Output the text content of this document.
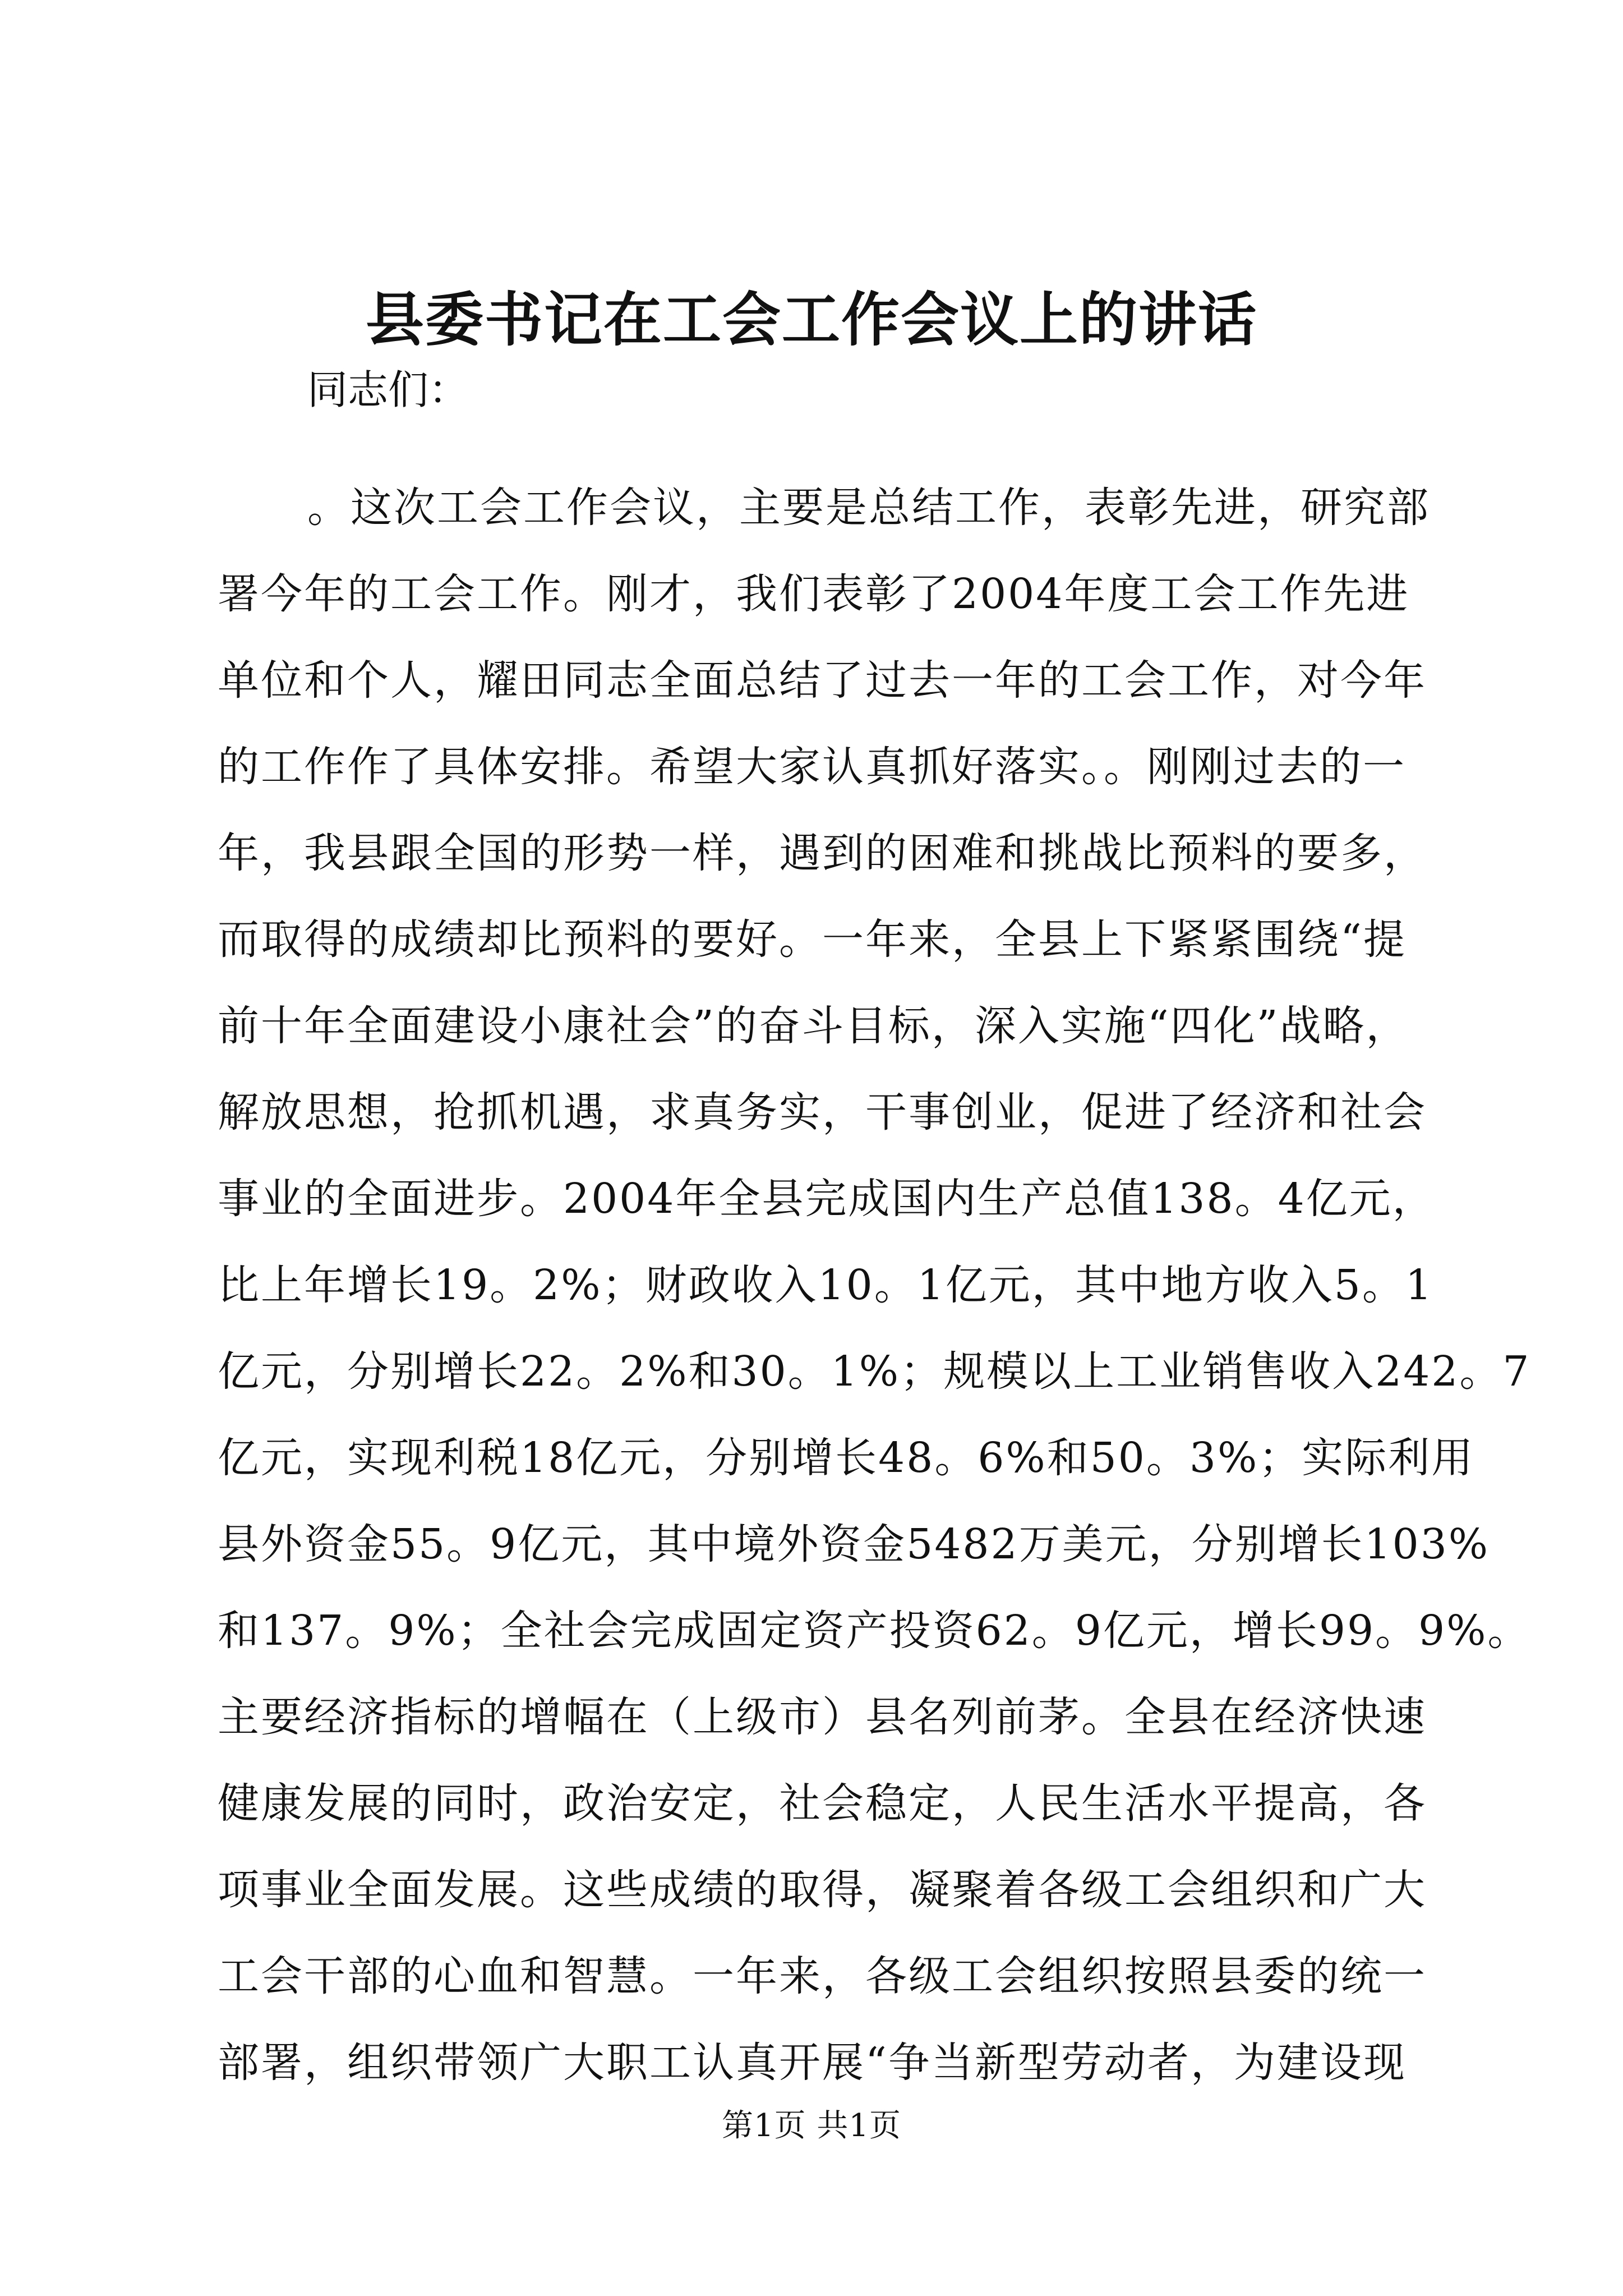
县委书记在工会工作会议上的讲话

同志们：

。这次工会工作会议，主要是总结工作，表彰先进，研究部
署今年的工会工作。刚才，我们表彰了2004年度工会工作先进
单位和个人，耀田同志全面总结了过去一年的工会工作，对今年
的工作作了具体安排。希望大家认真抓好落实。。刚刚过去的一
年，我县跟全国的形势一样，遇到的困难和挑战比预料的要多，
而取得的成绩却比预料的要好。一年来，全县上下紧紧围绕“提
前十年全面建设小康社会”的奋斗目标，深入实施“四化”战略，
解放思想，抢抓机遇，求真务实，干事创业，促进了经济和社会
事业的全面进步。2004年全县完成国内生产总值138。4亿元，
比上年增长19。2%；财政收入10。1亿元，其中地方收入5。1
亿元，分别增长22。2%和30。1%；规模以上工业销售收入242。7
亿元，实现利税18亿元，分别增长48。6%和50。3%；实际利用
县外资金55。9亿元，其中境外资金5482万美元，分别增长103%
和137。9%；全社会完成固定资产投资62。9亿元，增长99。9%。
主要经济指标的增幅在（上级市）县名列前茅。全县在经济快速
健康发展的同时，政治安定，社会稳定，人民生活水平提高，各
项事业全面发展。这些成绩的取得，凝聚着各级工会组织和广大
工会干部的心血和智慧。一年来，各级工会组织按照县委的统一
部署，组织带领广大职工认真开展“争当新型劳动者，为建设现

第1页 共1页
